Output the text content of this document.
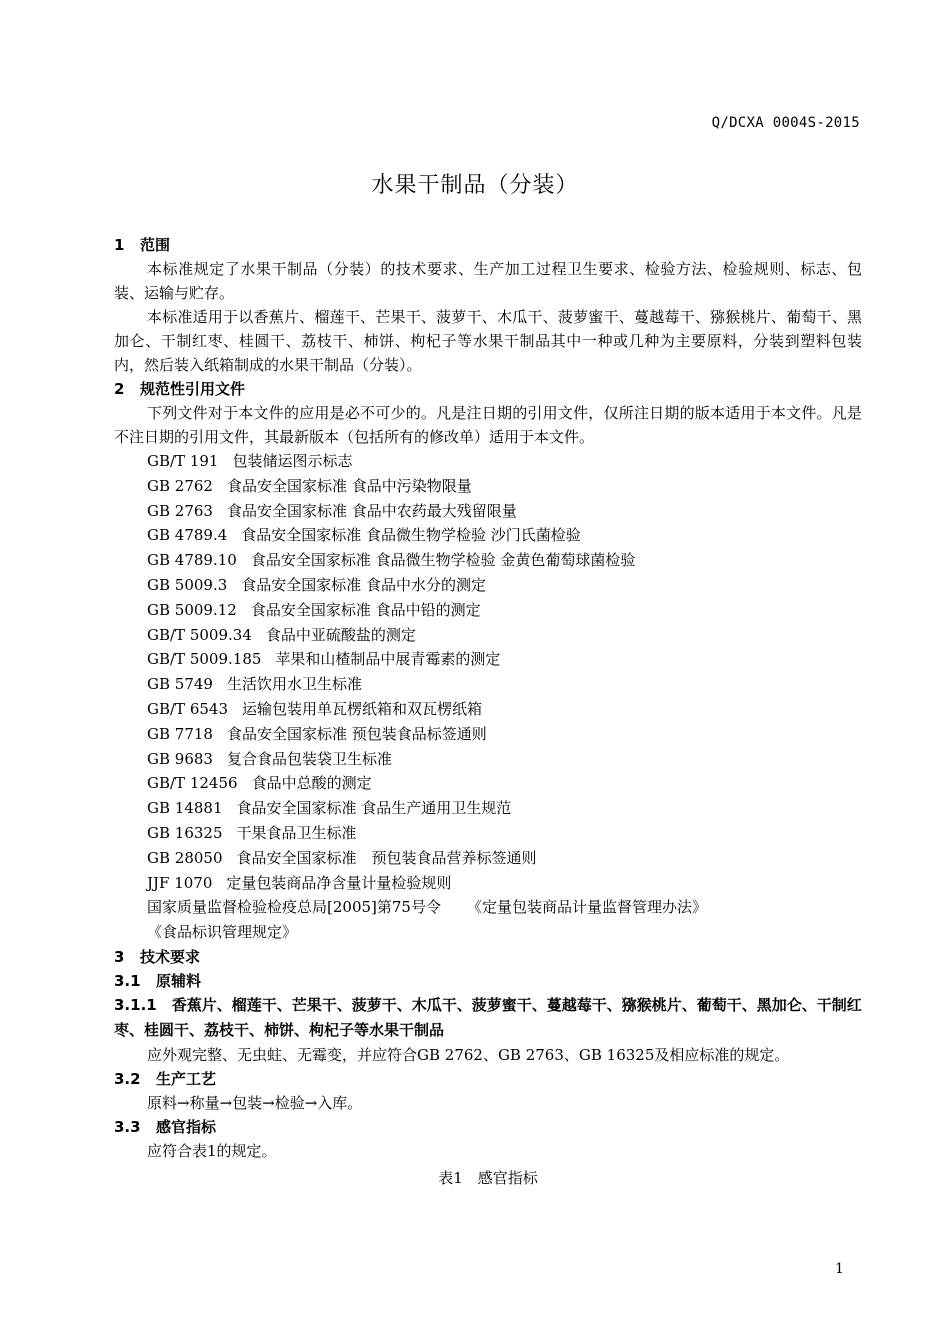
Q/DCXA 0004S-2015
水果干制品（分装）
1 范围
本标准规定了水果干制品（分装）的技术要求、生产加工过程卫生要求、检验方法、检验规则、标志、包装、运输与贮存。
本标准适用于以香蕉片、榴莲干、芒果干、菠萝干、木瓜干、菠萝蜜干、蔓越莓干、猕猴桃片、葡萄干、黑加仑、干制红枣、桂圆干、荔枝干、柿饼、枸杞子等水果干制品其中一种或几种为主要原料，分装到塑料包装内，然后装入纸箱制成的水果干制品（分装）。
2 规范性引用文件
下列文件对于本文件的应用是必不可少的。凡是注日期的引用文件，仅所注日期的版本适用于本文件。凡是不注日期的引用文件，其最新版本（包括所有的修改单）适用于本文件。
GB/T 191 包装储运图示标志
GB 2762 食品安全国家标准 食品中污染物限量
GB 2763 食品安全国家标准 食品中农药最大残留限量
GB 4789.4 食品安全国家标准 食品微生物学检验 沙门氏菌检验
GB 4789.10 食品安全国家标准 食品微生物学检验 金黄色葡萄球菌检验
GB 5009.3 食品安全国家标准 食品中水分的测定
GB 5009.12 食品安全国家标准 食品中铅的测定
GB/T 5009.34 食品中亚硫酸盐的测定
GB/T 5009.185 苹果和山楂制品中展青霉素的测定
GB 5749 生活饮用水卫生标准
GB/T 6543 运输包装用单瓦楞纸箱和双瓦楞纸箱
GB 7718 食品安全国家标准 预包装食品标签通则
GB 9683 复合食品包装袋卫生标准
GB/T 12456 食品中总酸的测定
GB 14881 食品安全国家标准 食品生产通用卫生规范
GB 16325 干果食品卫生标准
GB 28050 食品安全国家标准　预包装食品营养标签通则
JJF 1070 定量包装商品净含量计量检验规则
国家质量监督检验检疫总局[2005]第75号令 《定量包装商品计量监督管理办法》
《食品标识管理规定》
3 技术要求
3.1 原辅料
3.1.1　 香蕉片、榴莲干、芒果干、菠萝干、木瓜干、菠萝蜜干、蔓越莓干、猕猴桃片、葡萄干、黑加仑、干制红枣、桂圆干、荔枝干、柿饼、枸杞子等水果干制品
应外观完整、无虫蛀、无霉变，并应符合GB 2762、GB 2763、GB 16325及相应标准的规定。
3.2 生产工艺
原料→称量→包装→检验→入库。
3.3 感官指标
应符合表1的规定。
表1　感官指标
1
